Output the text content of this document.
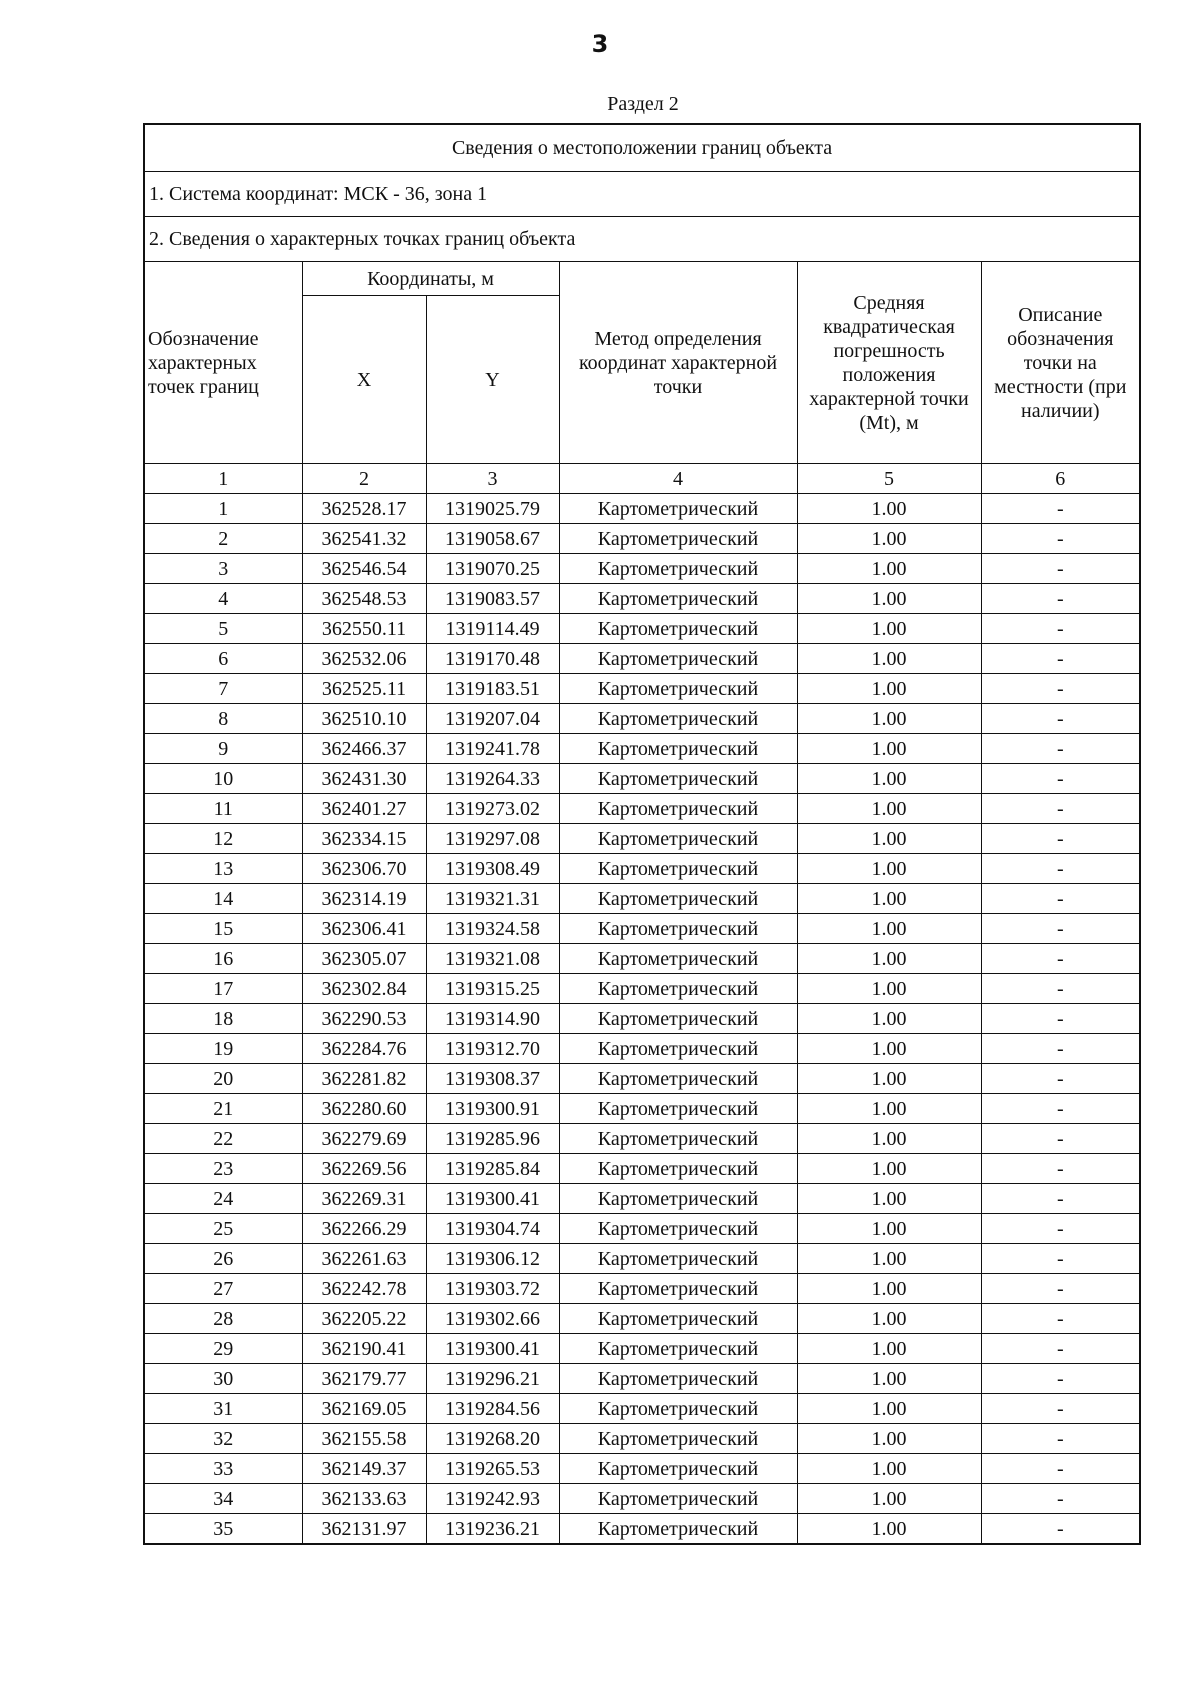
3
Раздел 2
Сведения о местоположении границ объекта					
1. Система координат: МСК - 36, зона 1					
2. Сведения о характерных точках границ объекта					
Обозначение характерных точек границ	Координаты, м		Метод определения координат характерной точки	Средняя квадратическая погрешность положения характерной точки (Mt), м	Описание обозначения точки на местности (при наличии)
	X	Y			
1	2	3	4	5	6
1	362528.17	1319025.79	Картометрический	1.00	-
2	362541.32	1319058.67	Картометрический	1.00	-
3	362546.54	1319070.25	Картометрический	1.00	-
4	362548.53	1319083.57	Картометрический	1.00	-
5	362550.11	1319114.49	Картометрический	1.00	-
6	362532.06	1319170.48	Картометрический	1.00	-
7	362525.11	1319183.51	Картометрический	1.00	-
8	362510.10	1319207.04	Картометрический	1.00	-
9	362466.37	1319241.78	Картометрический	1.00	-
10	362431.30	1319264.33	Картометрический	1.00	-
11	362401.27	1319273.02	Картометрический	1.00	-
12	362334.15	1319297.08	Картометрический	1.00	-
13	362306.70	1319308.49	Картометрический	1.00	-
14	362314.19	1319321.31	Картометрический	1.00	-
15	362306.41	1319324.58	Картометрический	1.00	-
16	362305.07	1319321.08	Картометрический	1.00	-
17	362302.84	1319315.25	Картометрический	1.00	-
18	362290.53	1319314.90	Картометрический	1.00	-
19	362284.76	1319312.70	Картометрический	1.00	-
20	362281.82	1319308.37	Картометрический	1.00	-
21	362280.60	1319300.91	Картометрический	1.00	-
22	362279.69	1319285.96	Картометрический	1.00	-
23	362269.56	1319285.84	Картометрический	1.00	-
24	362269.31	1319300.41	Картометрический	1.00	-
25	362266.29	1319304.74	Картометрический	1.00	-
26	362261.63	1319306.12	Картометрический	1.00	-
27	362242.78	1319303.72	Картометрический	1.00	-
28	362205.22	1319302.66	Картометрический	1.00	-
29	362190.41	1319300.41	Картометрический	1.00	-
30	362179.77	1319296.21	Картометрический	1.00	-
31	362169.05	1319284.56	Картометрический	1.00	-
32	362155.58	1319268.20	Картометрический	1.00	-
33	362149.37	1319265.53	Картометрический	1.00	-
34	362133.63	1319242.93	Картометрический	1.00	-
35	362131.97	1319236.21	Картометрический	1.00	-
